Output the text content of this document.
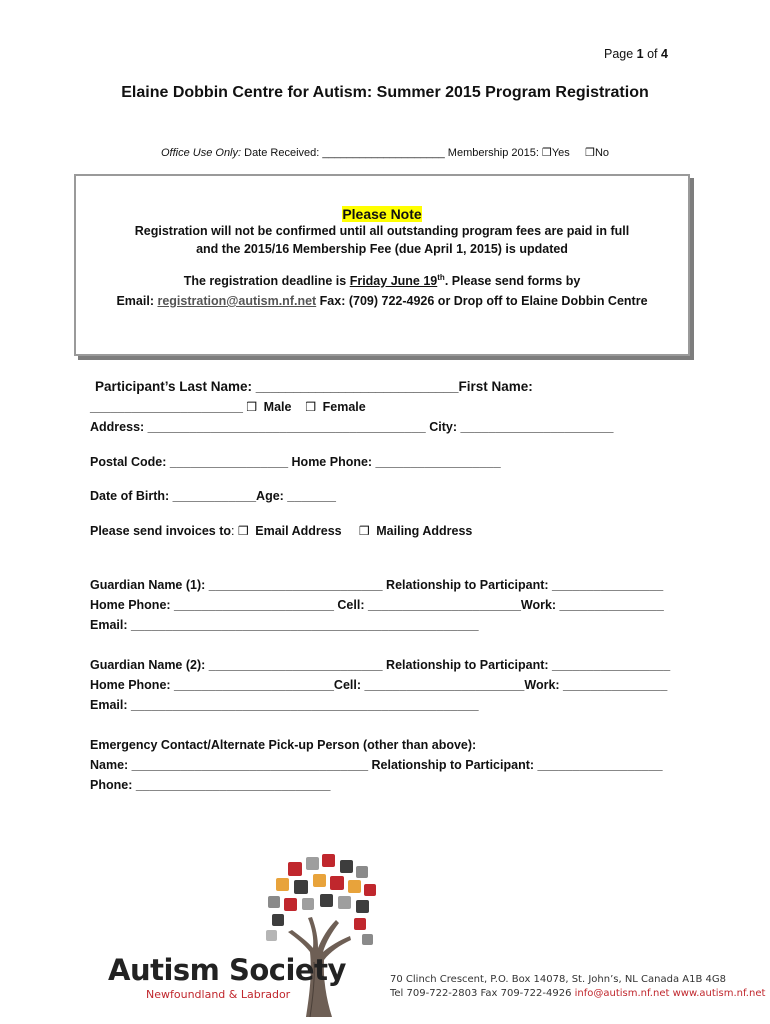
Page 1 of 4
Elaine Dobbin Centre for Autism: Summer 2015 Program Registration
Office Use Only: Date Received: ____________________ Membership 2015: ❒Yes ❒No
Please Note
Registration will not be confirmed until all outstanding program fees are paid in full
and the 2015/16 Membership Fee (due April 1, 2015) is updated
The registration deadline is Friday June 19th. Please send forms by
Email: registration@autism.nf.net Fax: (709) 722-4926 or Drop off to Elaine Dobbin Centre
Participant’s Last Name: ___________________________First Name:
______________________ ❒ Male ❒ Female
Address: ________________________________________ City: ______________________
Postal Code: _________________ Home Phone: __________________
Date of Birth: ____________Age: _______
Please send invoices to: ❒ Email Address ❒ Mailing Address
Guardian Name (1): _________________________ Relationship to Participant: ________________
Home Phone: _______________________ Cell: ______________________Work: _______________
Email: __________________________________________________
Guardian Name (2): _________________________ Relationship to Participant: _________________
Home Phone: _______________________Cell: _______________________Work: _______________
Email: __________________________________________________
Emergency Contact/Alternate Pick-up Person (other than above):
Name: __________________________________ Relationship to Participant: __________________
Phone: ____________________________
Autism Society
Newfoundland & Labrador
70 Clinch Crescent, P.O. Box 14078, St. John’s, NL Canada A1B 4G8
Tel 709-722-2803 Fax 709-722-4926 info@autism.nf.net www.autism.nf.net
